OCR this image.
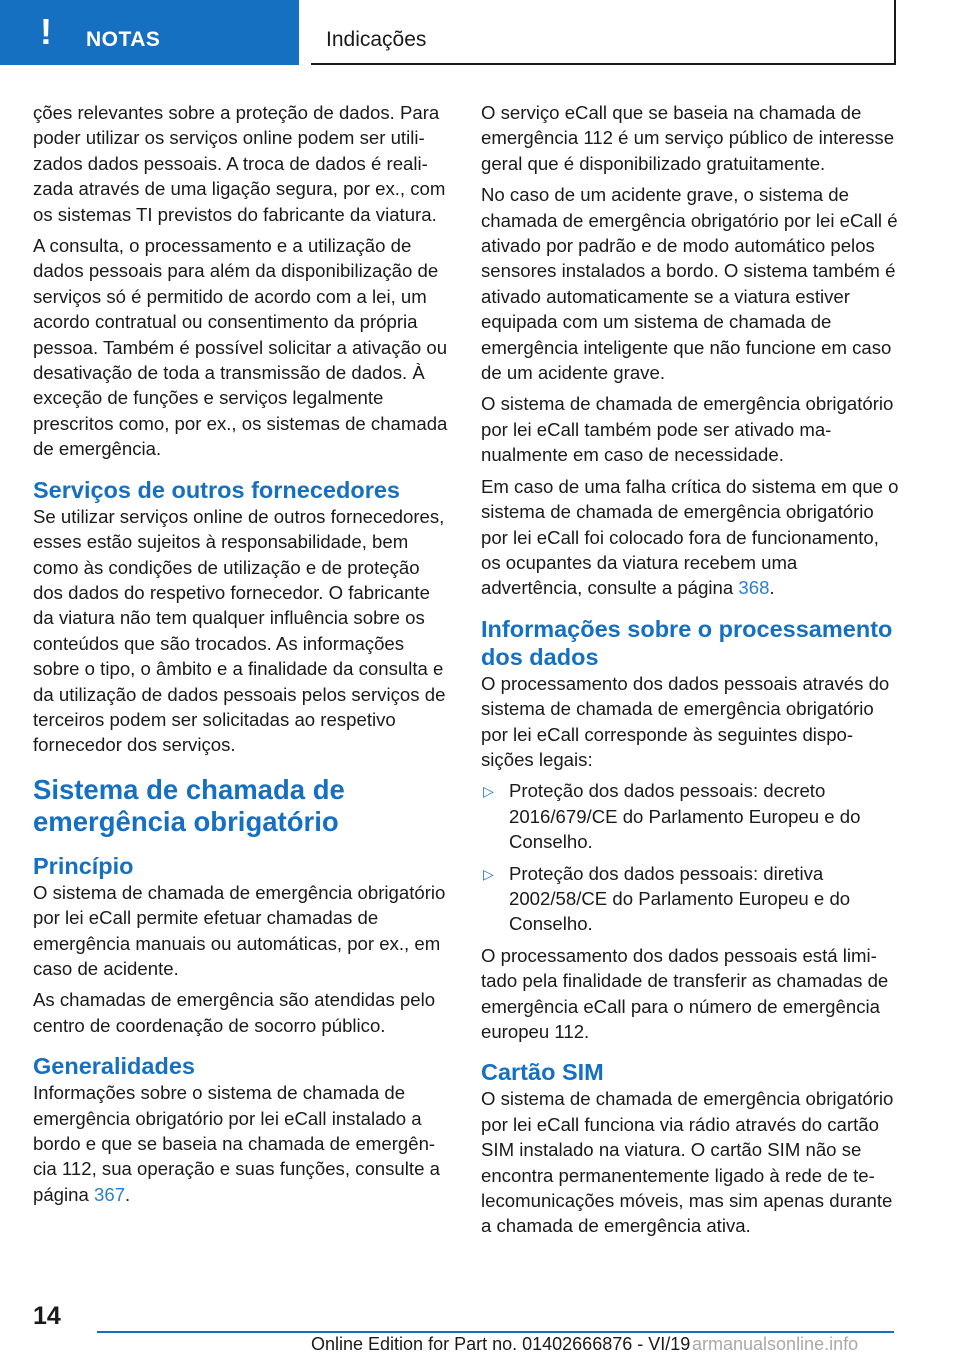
! NOTAS	Indicações

ções relevantes sobre a proteção de dados. Para poder utilizar os serviços online podem ser utilizados dados pessoais. A troca de dados é realizada através de uma ligação segura, por ex., com os sistemas TI previstos do fabricante da viatura.

A consulta, o processamento e a utilização de dados pessoais para além da disponibilização de serviços só é permitido de acordo com a lei, um acordo contratual ou consentimento da própria pessoa. Também é possível solicitar a ativação ou desativação de toda a transmissão de dados. À exceção de funções e serviços legalmente prescritos como, por ex., os sistemas de chamada de emergência.

Serviços de outros fornecedores

Se utilizar serviços online de outros fornecedores, esses estão sujeitos à responsabilidade, bem como às condições de utilização e de proteção dos dados do respetivo fornecedor. O fabricante da viatura não tem qualquer influência sobre os conteúdos que são trocados. As informações sobre o tipo, o âmbito e a finalidade da consulta e da utilização de dados pessoais pelos serviços de terceiros podem ser solicitadas ao respetivo fornecedor dos serviços.

Sistema de chamada de emergência obrigatório
Princípio

O sistema de chamada de emergência obrigatório por lei eCall permite efetuar chamadas de emergência manuais ou automáticas, por ex., em caso de acidente.

As chamadas de emergência são atendidas pelo centro de coordenação de socorro público.

Generalidades

Informações sobre o sistema de chamada de emergência obrigatório por lei eCall instalado a bordo e que se baseia na chamada de emergência 112, sua operação e suas funções, consulte a página 367.

O serviço eCall que se baseia na chamada de emergência 112 é um serviço público de interesse geral que é disponibilizado gratuitamente.

No caso de um acidente grave, o sistema de chamada de emergência obrigatório por lei eCall é ativado por padrão e de modo automático pelos sensores instalados a bordo. O sistema também é ativado automaticamente se a viatura estiver equipada com um sistema de chamada de emergência inteligente que não funcione em caso de um acidente grave.

O sistema de chamada de emergência obrigatório por lei eCall também pode ser ativado manualmente em caso de necessidade.

Em caso de uma falha crítica do sistema em que o sistema de chamada de emergência obrigatório por lei eCall foi colocado fora de funcionamento, os ocupantes da viatura recebem uma advertência, consulte a página 368.

Informações sobre o processamento dos dados

O processamento dos dados pessoais através do sistema de chamada de emergência obrigatório por lei eCall corresponde às seguintes disposições legais:

▷ Proteção dos dados pessoais: decreto 2016/679/CE do Parlamento Europeu e do Conselho.
▷ Proteção dos dados pessoais: diretiva 2002/58/CE do Parlamento Europeu e do Conselho.

O processamento dos dados pessoais está limitado pela finalidade de transferir as chamadas de emergência eCall para o número de emergência europeu 112.

Cartão SIM

O sistema de chamada de emergência obrigatório por lei eCall funciona via rádio através do cartão SIM instalado na viatura. O cartão SIM não se encontra permanentemente ligado à rede de telecomunicações móveis, mas sim apenas durante a chamada de emergência ativa.

14
Online Edition for Part no. 01402666876 - VI/19 armanualsonline.info
